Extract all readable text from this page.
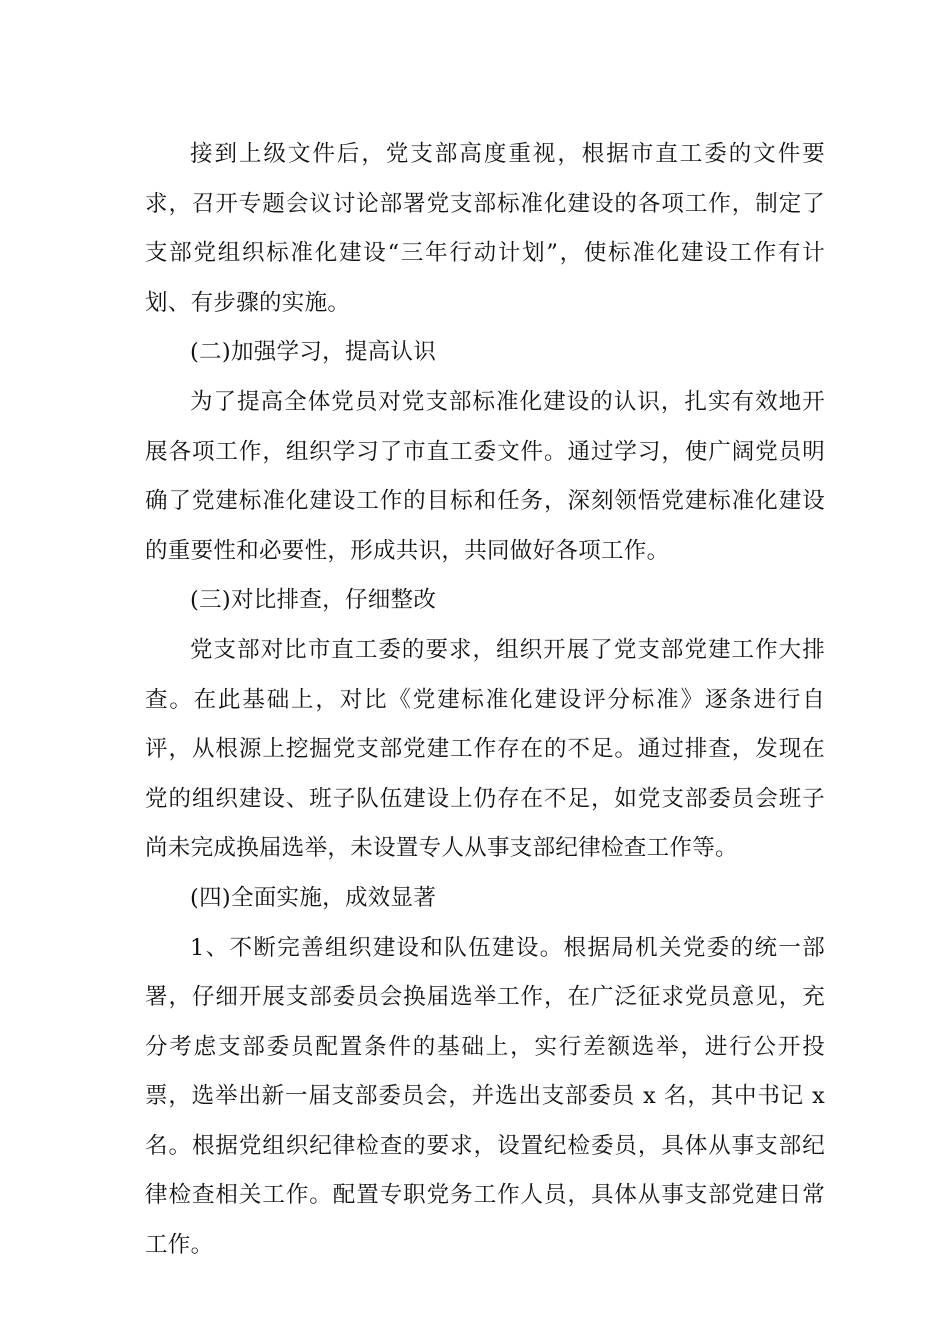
接到上级文件后，党支部高度重视，根据市直工委的文件要求，召开专题会议讨论部署党支部标准化建设的各项工作，制定了支部党组织标准化建设“三年行动计划”，使标准化建设工作有计划、有步骤的实施。

(二)加强学习，提高认识

为了提高全体党员对党支部标准化建设的认识，扎实有效地开展各项工作，组织学习了市直工委文件。通过学习，使广阔党员明确了党建标准化建设工作的目标和任务，深刻领悟党建标准化建设的重要性和必要性，形成共识，共同做好各项工作。

(三)对比排查，仔细整改

党支部对比市直工委的要求，组织开展了党支部党建工作大排查。在此基础上，对比《党建标准化建设评分标准》逐条进行自评，从根源上挖掘党支部党建工作存在的不足。通过排查，发现在党的组织建设、班子队伍建设上仍存在不足，如党支部委员会班子尚未完成换届选举，未设置专人从事支部纪律检查工作等。

(四)全面实施，成效显著

1、不断完善组织建设和队伍建设。根据局机关党委的统一部署，仔细开展支部委员会换届选举工作，在广泛征求党员意见，充分考虑支部委员配置条件的基础上，实行差额选举，进行公开投票，选举出新一届支部委员会，并选出支部委员 x 名，其中书记 x 名。根据党组织纪律检查的要求，设置纪检委员，具体从事支部纪律检查相关工作。配置专职党务工作人员，具体从事支部党建日常工作。
